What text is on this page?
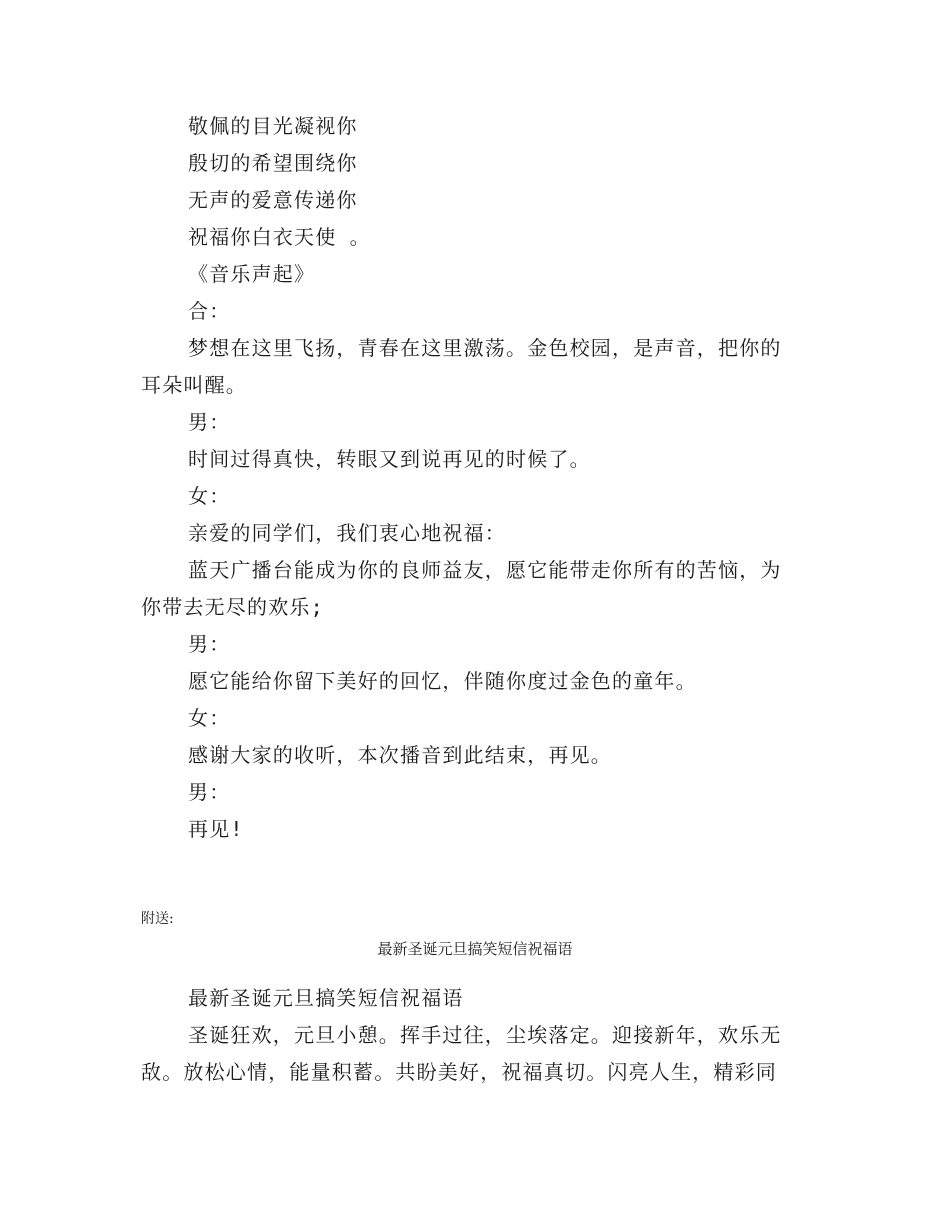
敬佩的目光凝视你

殷切的希望围绕你

无声的爱意传递你

祝福你白衣天使 。

《音乐声起》

合：

梦想在这里飞扬，青春在这里激荡。金色校园，是声音，把你的耳朵叫醒。

男：

时间过得真快，转眼又到说再见的时候了。

女：

亲爱的同学们，我们衷心地祝福：

蓝天广播台能成为你的良师益友，愿它能带走你所有的苦恼，为你带去无尽的欢乐;

男：

愿它能给你留下美好的回忆，伴随你度过金色的童年。

女：

感谢大家的收听，本次播音到此结束，再见。

男：

再见!

附送:
最新圣诞元旦搞笑短信祝福语

最新圣诞元旦搞笑短信祝福语

圣诞狂欢，元旦小憩。挥手过往，尘埃落定。迎接新年，欢乐无敌。放松心情，能量积蓄。共盼美好，祝福真切。闪亮人生，精彩同
